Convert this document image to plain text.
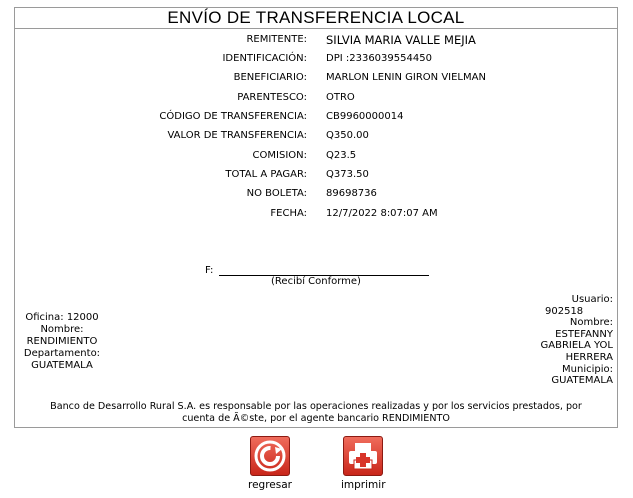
ENVÍO DE TRANSFERENCIA LOCAL
REMITENTE: SILVIA MARIA VALLE MEJIA
IDENTIFICACIÓN: DPI :2336039554450
BENEFICIARIO: MARLON LENIN GIRON VIELMAN
PARENTESCO: OTRO
CÓDIGO DE TRANSFERENCIA: CB9960000014
VALOR DE TRANSFERENCIA: Q350.00
COMISION: Q23.5
TOTAL A PAGAR: Q373.50
NO BOLETA: 89698736
FECHA: 12/7/2022 8:07:07 AM
F:
(Recibí Conforme)
Oficina: 12000
Nombre:
RENDIMIENTO
Departamento:
GUATEMALA
Usuario:
902518
Nombre:
ESTEFANNY
GABRIELA YOL
HERRERA
Municipio:
GUATEMALA
Banco de Desarrollo Rural S.A. es responsable por las operaciones realizadas y por los servicios prestados, por
cuenta de Ã©ste, por el agente bancario RENDIMIENTO
regresar	imprimir
